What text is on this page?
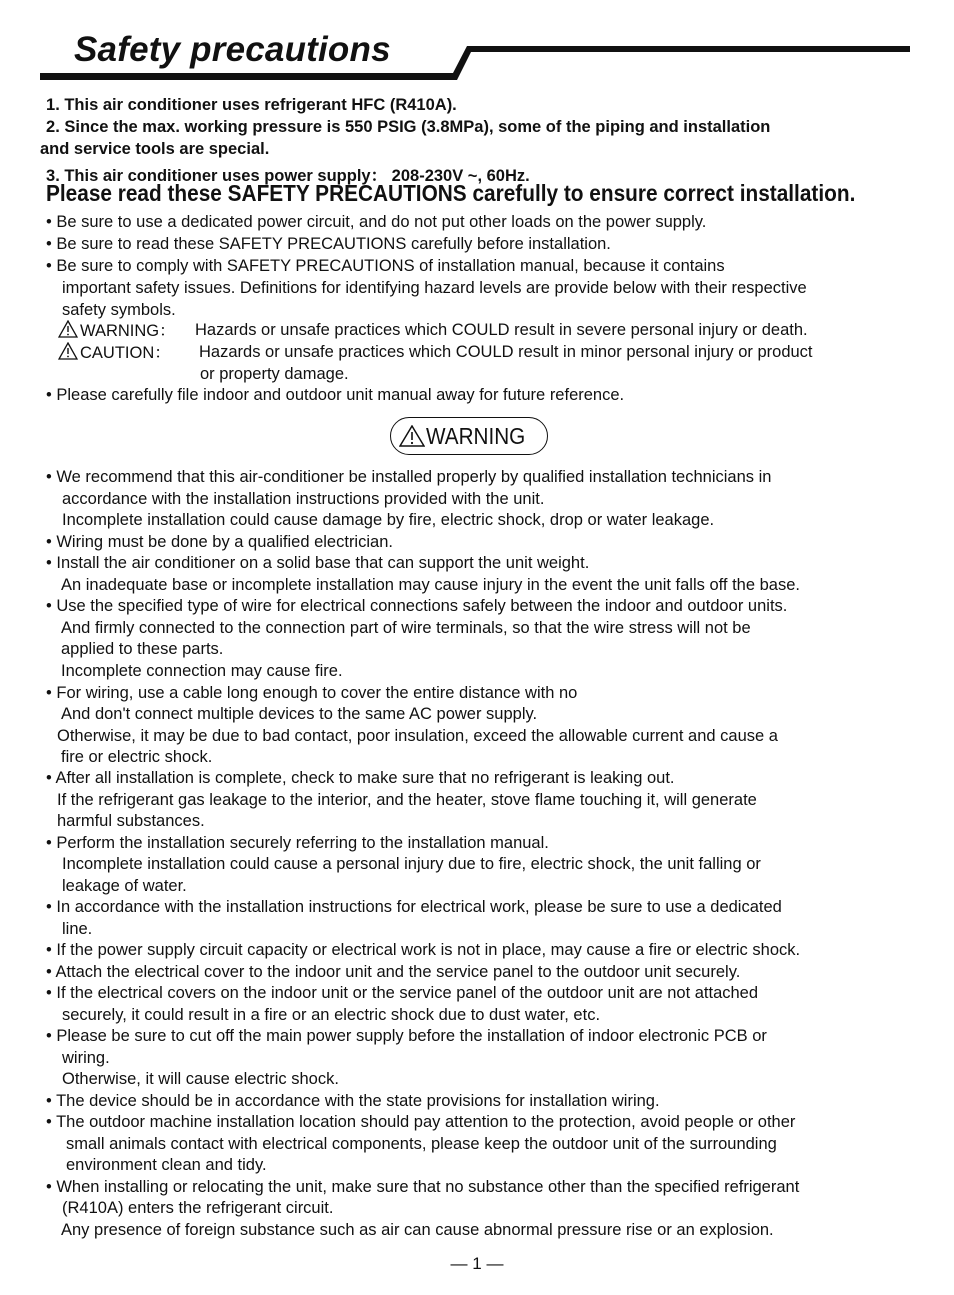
Safety precautions
1. This air conditioner uses refrigerant HFC (R410A).
2. Since the max. working pressure is 550 PSIG (3.8MPa), some of the piping and installation
and service tools are special.
3. This air conditioner uses power supply： 208-230V ~, 60Hz.
Please read these SAFETY PRECAUTIONS carefully to ensure correct installation.
• Be sure to use a dedicated power circuit, and do not put other loads on the power supply.
• Be sure to read these SAFETY PRECAUTIONS carefully before installation.
• Be sure to comply with SAFETY PRECAUTIONS of installation manual, because it contains
important safety issues. Definitions for identifying hazard levels are provide below with their respective
safety symbols.
WARNING： Hazards or unsafe practices which COULD result in severe personal injury or death.
CAUTION： Hazards or unsafe practices which COULD result in minor personal injury or product
or property damage.
• Please carefully file indoor and outdoor unit manual away for future reference.
WARNING
• We recommend that this air-conditioner be installed properly by qualified installation technicians in
accordance with the installation instructions provided with the unit.
Incomplete installation could cause damage by fire, electric shock, drop or water leakage.
• Wiring must be done by a qualified electrician.
• Install the air conditioner on a solid base that can support the unit weight.
An inadequate base or incomplete installation may cause injury in the event the unit falls off the base.
• Use the specified type of wire for electrical connections safely between the indoor and outdoor units.
And firmly connected to the connection part of wire terminals, so that the wire stress will not be
applied to these parts.
Incomplete connection may cause fire.
• For wiring, use a cable long enough to cover the entire distance with no
And don't connect multiple devices to the same AC power supply.
Otherwise, it may be due to bad contact, poor insulation, exceed the allowable current and cause a
fire or electric shock.
• After all installation is complete, check to make sure that no refrigerant is leaking out.
If the refrigerant gas leakage to the interior, and the heater, stove flame touching it, will generate
harmful substances.
• Perform the installation securely referring to the installation manual.
Incomplete installation could cause a personal injury due to fire, electric shock, the unit falling or
leakage of water.
• In accordance with the installation instructions for electrical work, please be sure to use a dedicated
line.
• If the power supply circuit capacity or electrical work is not in place, may cause a fire or electric shock.
• Attach the electrical cover to the indoor unit and the service panel to the outdoor unit securely.
• If the electrical covers on the indoor unit or the service panel of the outdoor unit are not attached
securely, it could result in a fire or an electric shock due to dust water, etc.
• Please be sure to cut off the main power supply before the installation of indoor electronic PCB or
wiring.
Otherwise, it will cause electric shock.
• The device should be in accordance with the state provisions for installation wiring.
• The outdoor machine installation location should pay attention to the protection, avoid people or other
small animals contact with electrical components, please keep the outdoor unit of the surrounding
environment clean and tidy.
• When installing or relocating the unit, make sure that no substance other than the specified refrigerant
(R410A) enters the refrigerant circuit.
Any presence of foreign substance such as air can cause abnormal pressure rise or an explosion.
— 1 —
